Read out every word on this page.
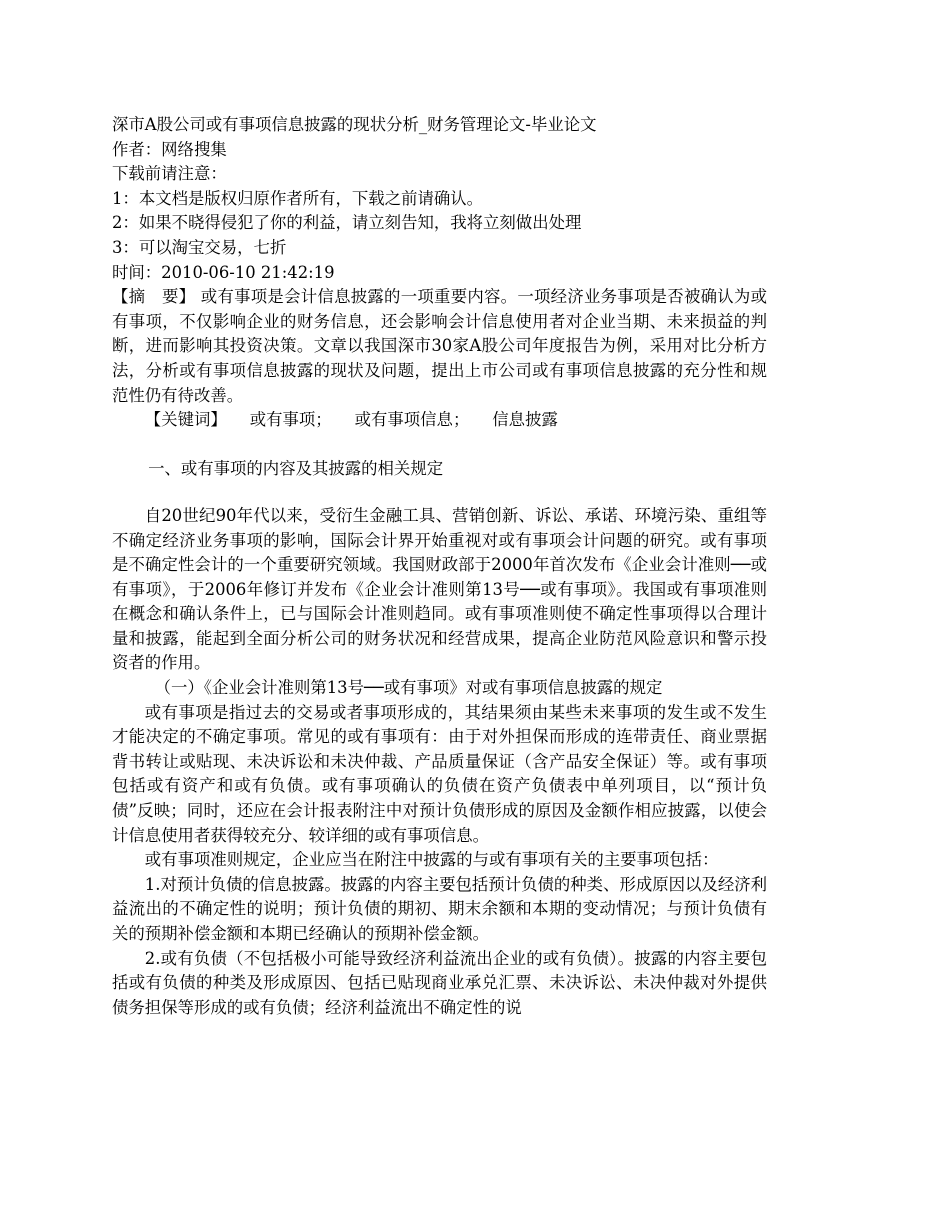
深市A股公司或有事项信息披露的现状分析_财务管理论文-毕业论文

作者：网络搜集

下载前请注意：

1：本文档是版权归原作者所有，下载之前请确认。

2：如果不晓得侵犯了你的利益，请立刻告知，我将立刻做出处理

3：可以淘宝交易，七折

时间：2010-06-10 21:42:19

【摘　要】 或有事项是会计信息披露的一项重要内容。一项经济业务事项是否被确认为或有事项，不仅影响企业的财务信息，还会影响会计信息使用者对企业当期、未来损益的判断，进而影响其投资决策。文章以我国深市30家A股公司年度报告为例，采用对比分析方法，分析或有事项信息披露的现状及问题，提出上市公司或有事项信息披露的充分性和规范性仍有待改善。

【关键词】 或有事项； 或有事项信息； 信息披露

一、或有事项的内容及其披露的相关规定

自20世纪90年代以来，受衍生金融工具、营销创新、诉讼、承诺、环境污染、重组等不确定经济业务事项的影响，国际会计界开始重视对或有事项会计问题的研究。或有事项是不确定性会计的一个重要研究领域。我国财政部于2000年首次发布《企业会计准则──或有事项》，于2006年修订并发布《企业会计准则第13号──或有事项》。我国或有事项准则在概念和确认条件上，已与国际会计准则趋同。或有事项准则使不确定性事项得以合理计量和披露，能起到全面分析公司的财务状况和经营成果，提高企业防范风险意识和警示投资者的作用。

（一）《企业会计准则第13号──或有事项》对或有事项信息披露的规定

或有事项是指过去的交易或者事项形成的，其结果须由某些未来事项的发生或不发生才能决定的不确定事项。常见的或有事项有：由于对外担保而形成的连带责任、商业票据背书转让或贴现、未决诉讼和未决仲裁、产品质量保证（含产品安全保证）等。或有事项包括或有资产和或有负债。或有事项确认的负债在资产负债表中单列项目，以“预计负债”反映；同时，还应在会计报表附注中对预计负债形成的原因及金额作相应披露，以使会计信息使用者获得较充分、较详细的或有事项信息。

或有事项准则规定，企业应当在附注中披露的与或有事项有关的主要事项包括：

1.对预计负债的信息披露。披露的内容主要包括预计负债的种类、形成原因以及经济利益流出的不确定性的说明；预计负债的期初、期末余额和本期的变动情况；与预计负债有关的预期补偿金额和本期已经确认的预期补偿金额。

2.或有负债（不包括极小可能导致经济利益流出企业的或有负债）。披露的内容主要包括或有负债的种类及形成原因、包括已贴现商业承兑汇票、未决诉讼、未决仲裁对外提供债务担保等形成的或有负债；经济利益流出不确定性的说
